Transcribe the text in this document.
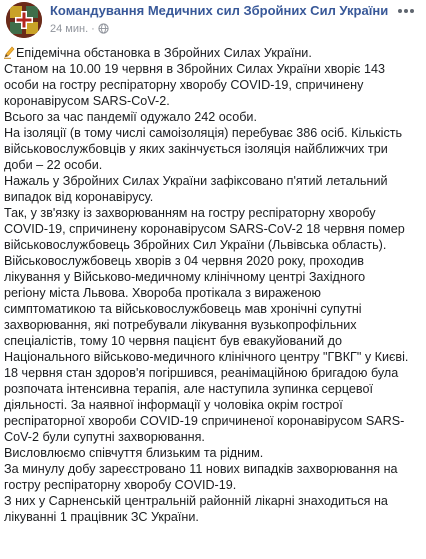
Командування Медичних сил Збройних Сил України
24 мин. ·

Епідемічна обстановка в Збройних Силах України.

Станом на 10.00 19 червня в Збройних Силах України хворіє 143

особи на гостру респіраторну хворобу COVID-19, спричинену

коронавірусом SARS-CoV-2.

Всього за час пандемії одужало 242 особи.

На ізоляції (в тому числі самоізоляція) перебуває 386 осіб. Кількість

військовослужбовців у яких закінчується ізоляція найближчих три

доби – 22 особи.

Нажаль у Збройних Силах України зафіксовано п'ятий летальний

випадок від коронавірусу.

Так, у зв'язку із захворюванням на гостру респіраторну хворобу

COVID-19, спричинену коронавірусом SARS-CoV-2 18 червня помер

військовослужбовець Збройних Сил України (Львівська область).

Військовослужбовець хворів з 04 червня 2020 року, проходив

лікування у Військово-медичному клінічному центрі Західного

регіону міста Львова. Хвороба протікала з вираженою

симптоматикою та військовослужбовець мав хронічні супутні

захворювання, які потребували лікування вузькопрофільних

спеціалістів, тому 10 червня пацієнт був евакуйований до

Національного військово-медичного клінічного центру "ГВКГ" у Києві.

18 червня стан здоров'я погіршився, реанімаційною бригадою була

розпочата інтенсивна терапія, але наступила зупинка серцевої

діяльності. За наявної інформації у чоловіка окрім гострої

респіраторної хвороби COVID-19 спричиненої коронавірусом SARS-

CoV-2 були супутні захворювання.

Висловлюємо співчуття близьким та рідним.

За минулу добу зареєстровано 11 нових випадків захворювання на

гостру респіраторну хворобу COVID-19.

З них у Сарненській центральній районній лікарні знаходиться на

лікуванні 1 працівник ЗС України.
